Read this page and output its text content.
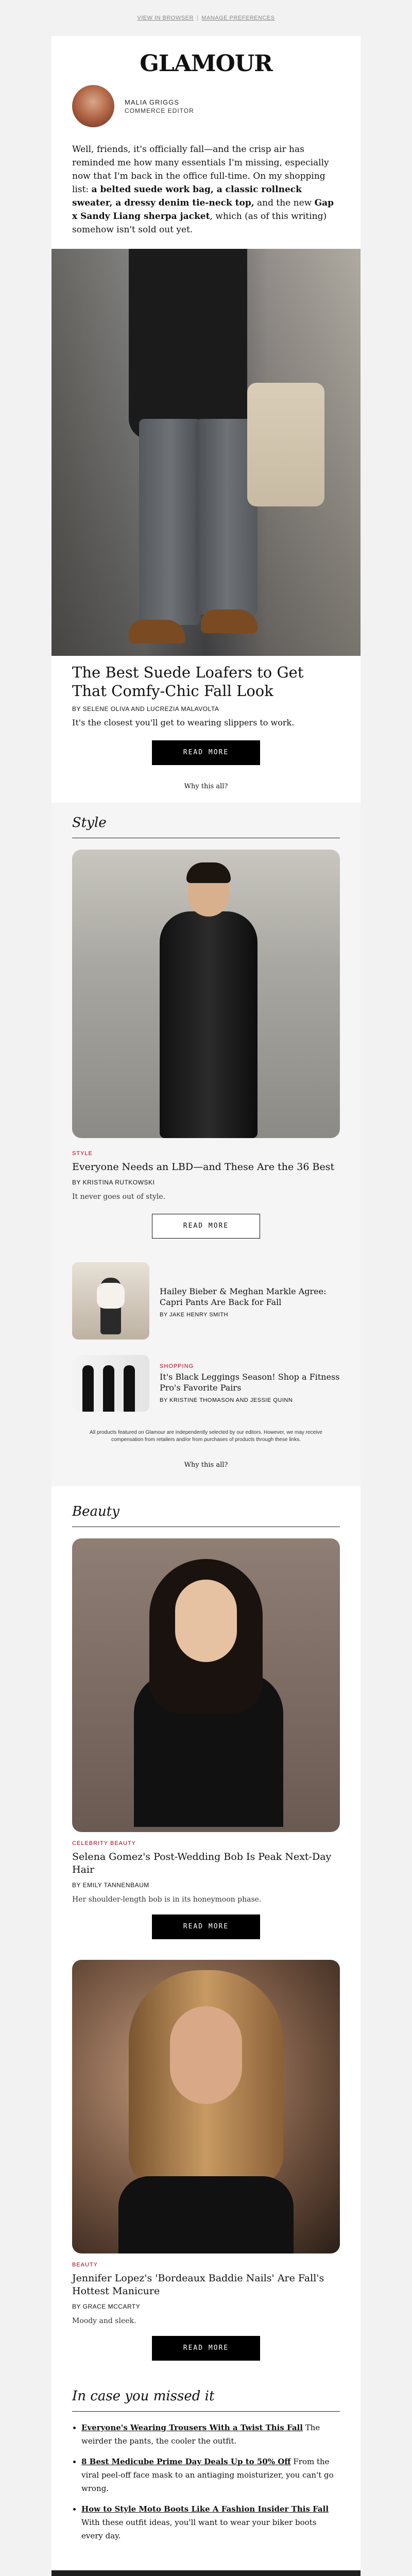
VIEW IN BROWSER | MANAGE PREFERENCES
GLAMOUR
MALIA GRIGGS
COMMERCE EDITOR
Well, friends, it's officially fall—and the crisp air has reminded me how many essentials I'm missing, especially now that I'm back in the office full-time. On my shopping list: a belted suede work bag, a classic rollneck sweater, a dressy denim tie-neck top, and the new Gap x Sandy Liang sherpa jacket, which (as of this writing) somehow isn't sold out yet.
The Best Suede Loafers to Get That Comfy-Chic Fall Look
BY SELENE OLIVA AND LUCREZIA MALAVOLTA
It's the closest you'll get to wearing slippers to work.
READ MORE
Why this all?
Style
STYLE
Everyone Needs an LBD—and These Are the 36 Best
BY KRISTINA RUTKOWSKI
It never goes out of style.
READ MORE
Hailey Bieber & Meghan Markle Agree: Capri Pants Are Back for Fall
BY JAKE HENRY SMITH
SHOPPING
It's Black Leggings Season! Shop a Fitness Pro's Favorite Pairs
BY KRISTINE THOMASON AND JESSIE QUINN
All products featured on Glamour are independently selected by our editors. However, we may receive compensation from retailers and/or from purchases of products through these links.
Why this all?
Beauty
CELEBRITY BEAUTY
Selena Gomez's Post-Wedding Bob Is Peak Next-Day Hair
BY EMILY TANNENBAUM
Her shoulder-length bob is in its honeymoon phase.
READ MORE
BEAUTY
Jennifer Lopez's 'Bordeaux Baddie Nails' Are Fall's Hottest Manicure
BY GRACE MCCARTY
Moody and sleek.
READ MORE
In case you missed it
• Everyone's Wearing Trousers With a Twist This Fall The weirder the pants, the cooler the outfit.
• 8 Best Medicube Prime Day Deals Up to 50% Off From the viral peel-off face mask to an antiaging moisturizer, you can't go wrong.
• How to Style Moto Boots Like A Fashion Insider This Fall With these outfit ideas, you'll want to wear your biker boots every day.
